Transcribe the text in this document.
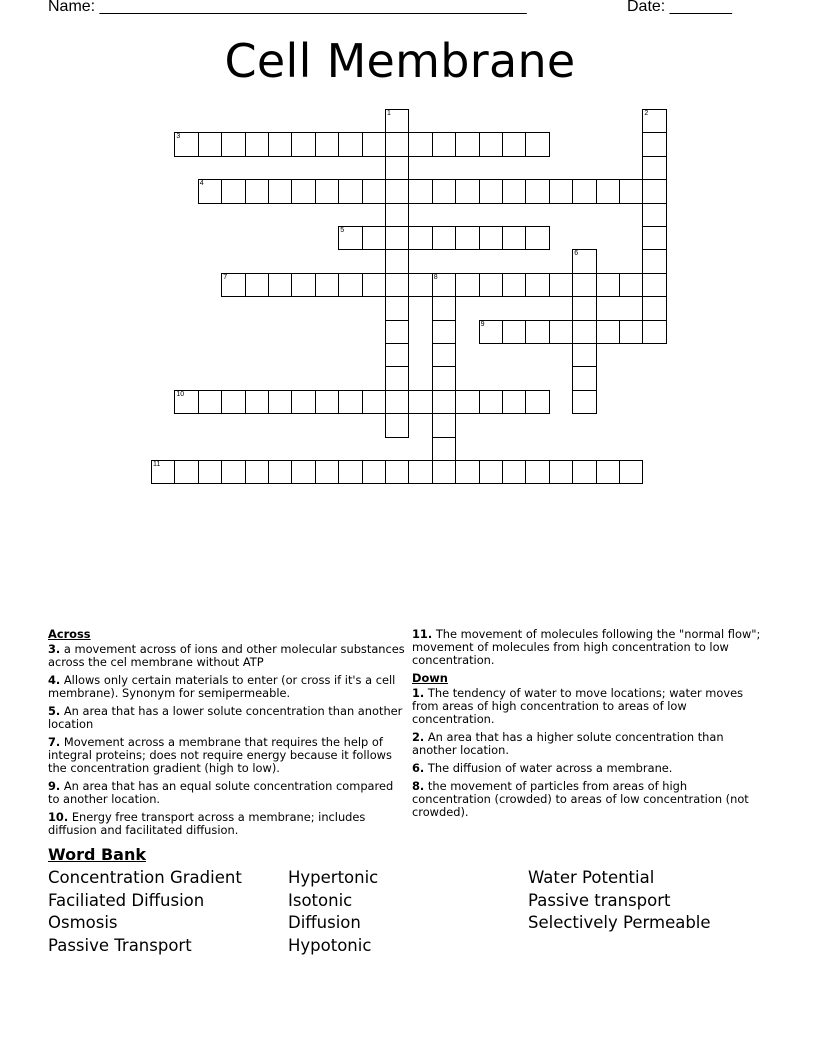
Name: ________________________________________________	Date: _______
Cell Membrane
1	2
3
4
5
6
7	8
9
10
11
Across
3. a movement across of ions and other molecular substances across the cel membrane without ATP
4. Allows only certain materials to enter (or cross if it's a cell membrane). Synonym for semipermeable.
5. An area that has a lower solute concentration than another location
7. Movement across a membrane that requires the help of integral proteins; does not require energy because it follows the concentration gradient (high to low).
9. An area that has an equal solute concentration compared to another location.
10. Energy free transport across a membrane; includes diffusion and facilitated diffusion.
11. The movement of molecules following the "normal flow"; movement of molecules from high concentration to low concentration.
Down
1. The tendency of water to move locations; water moves from areas of high concentration to areas of low concentration.
2. An area that has a higher solute concentration than another location.
6. The diffusion of water across a membrane.
8. the movement of particles from areas of high concentration (crowded) to areas of low concentration (not crowded).
Word Bank
Concentration Gradient
Faciliated Diffusion
Osmosis
Passive Transport
Hypertonic
Isotonic
Diffusion
Hypotonic
Water Potential
Passive transport
Selectively Permeable
